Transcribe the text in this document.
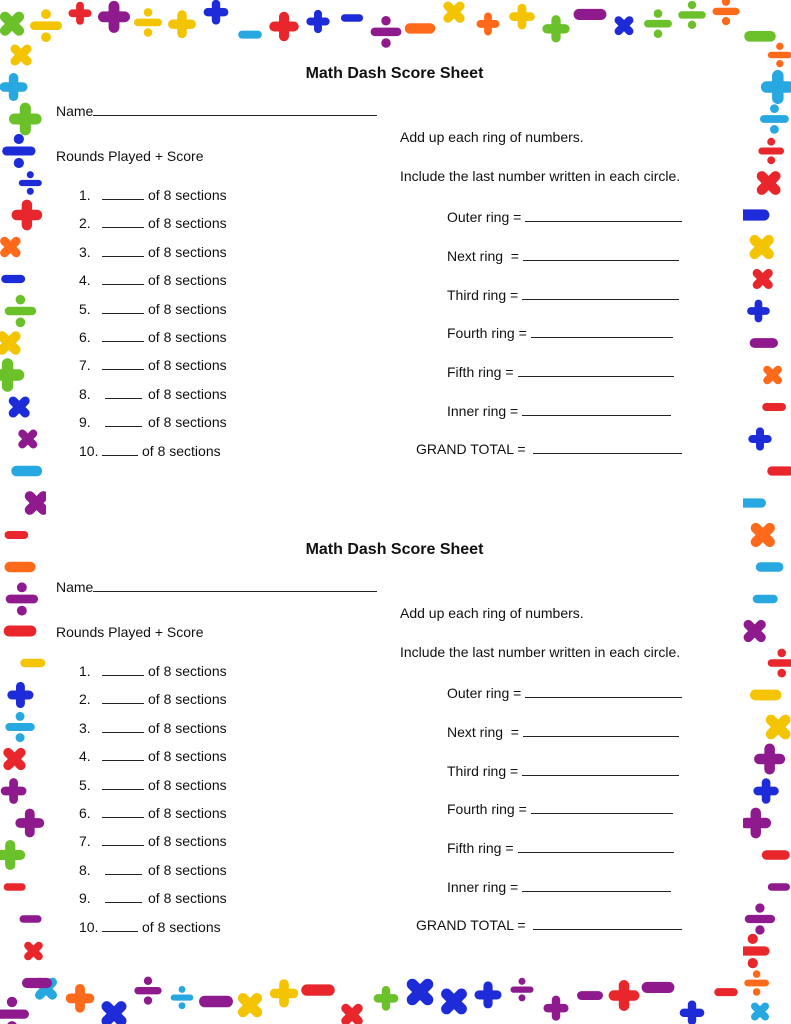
Math Dash Score Sheet
Name
Rounds Played + Score
1.	of 8 sections
2.	of 8 sections
3.	of 8 sections
4.	of 8 sections
5.	of 8 sections
6.	of 8 sections
7.	of 8 sections
8.	of 8 sections
9.	of 8 sections
10.	of 8 sections
Add up each ring of numbers.
Include the last number written in each circle.
Outer ring =
Next ring  =
Third ring =
Fourth ring =
Fifth ring =
Inner ring =
GRAND TOTAL =
Math Dash Score Sheet
Name
Rounds Played + Score
1.	of 8 sections
2.	of 8 sections
3.	of 8 sections
4.	of 8 sections
5.	of 8 sections
6.	of 8 sections
7.	of 8 sections
8.	of 8 sections
9.	of 8 sections
10.	of 8 sections
Add up each ring of numbers.
Include the last number written in each circle.
Outer ring =
Next ring  =
Third ring =
Fourth ring =
Fifth ring =
Inner ring =
GRAND TOTAL =
